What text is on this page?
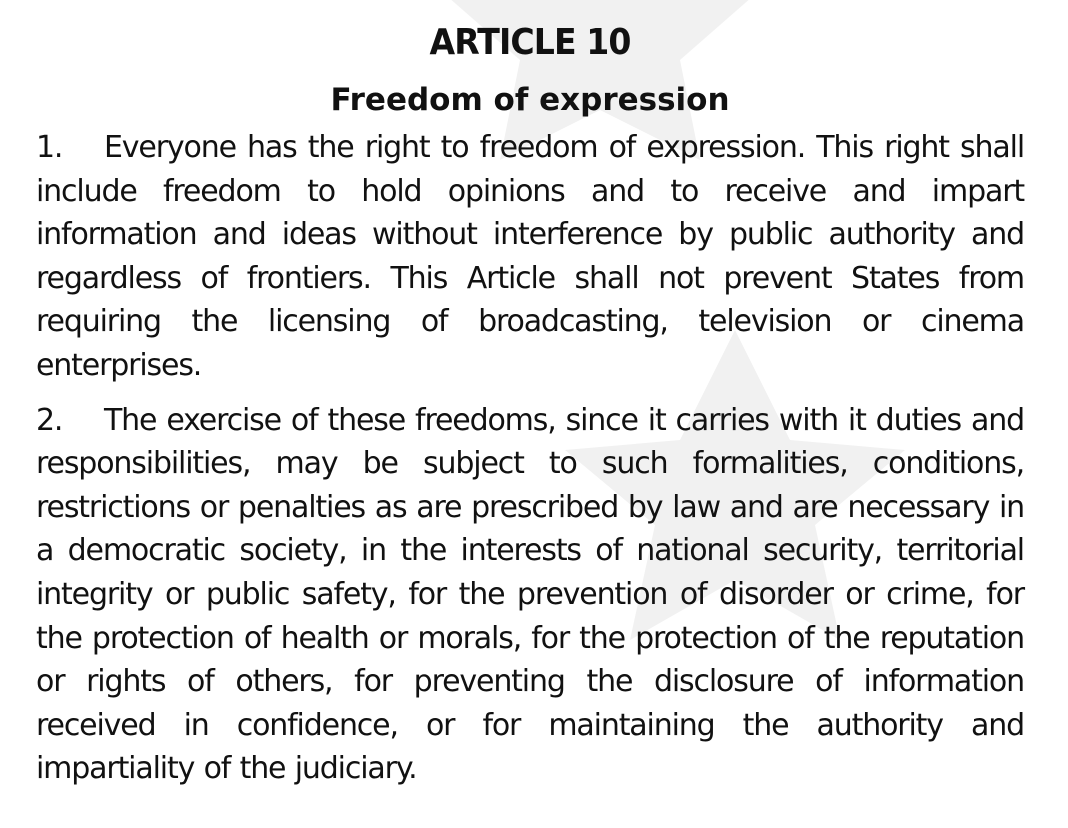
ARTICLE 10
Freedom of expression

1. Everyone has the right to freedom of expression. This right shall include freedom to hold opinions and to receive and impart information and ideas without interference by public authority and regardless of frontiers. This Article shall not prevent States from requiring the licensing of broadcasting, television or cinema enterprises.

2. The exercise of these freedoms, since it carries with it duties and responsibilities, may be subject to such formalities, conditions, restrictions or penalties as are prescribed by law and are necessary in a democratic society, in the interests of national security, territorial integrity or public safety, for the prevention of disorder or crime, for the protection of health or morals, for the protection of the reputation or rights of others, for preventing the disclosure of information received in confidence, or for maintaining the authority and impartiality of the judiciary.
